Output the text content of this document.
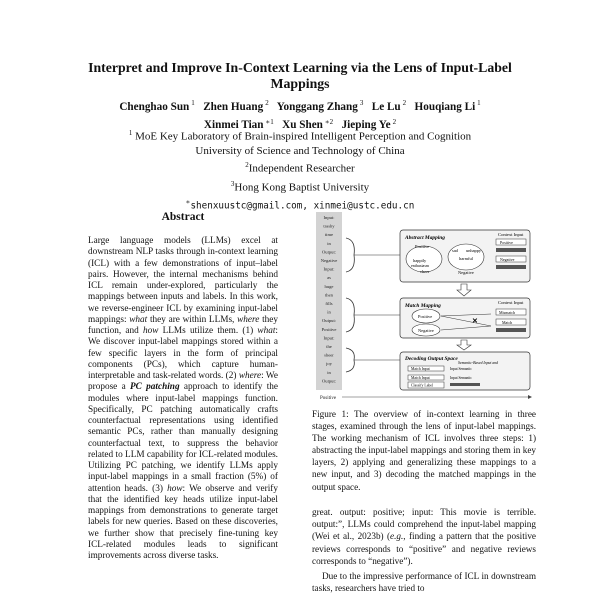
Interpret and Improve In-Context Learning via the Lens of Input-Label Mappings
Chenghao Sun $^1$ Zhen Huang $^2$ Yonggang Zhang $^3$ Le Lu $^2$ Houqiang Li $^1$
Xinmei Tian $^{∗1}$ Xu Shen $^{∗2}$ Jieping Ye $^2$
$^1$ MoE Key Laboratory of Brain-inspired Intelligent Perception and Cognition
University of Science and Technology of China
$^2$Independent Researcher
$^3$Hong Kong Baptist University
∗shenxuustc@gmail.com, xinmei@ustc.edu.cn
Abstract

Large language models (LLMs) excel at downstream NLP tasks through in-context learning (ICL) with a few demonstrations of input–label pairs. However, the internal mechanisms behind ICL remain under-explored, particularly the mappings between inputs and labels. In this work, we reverse-engineer ICL by examining input-label mappings: what they are within LLMs, where they function, and how LLMs utilize them. (1) what: We discover input-label mappings stored within a few specific layers in the form of principal components (PCs), which capture human-interpretable and task-related words. (2) where: We propose a PC patching approach to identify the modules where input-label mappings function. Specifically, PC patching automatically crafts counterfactual representations using identified semantic PCs, rather than manually designing counterfactual text, to suppress the behavior related to LLM capability for ICL-related modules. Utilizing PC patching, we identify LLMs apply input-label mappings in a small fraction (5%) of attention heads. (3) how: We observe and verify that the identified key heads utilize input-label mappings from demonstrations to generate target labels for new queries. Based on these discoveries, we further show that precisely fine-tuning key ICL-related modules leads to significant improvements across diverse tasks.

Input:
trashy
time
in
Output:
Negative
Input:
as
huge
then
fills
in
Output:
Positive
Input:
the
sheer
joy
in
Output:
Positive
Abstract Mapping
Context Input
Positive
sad unhappy
happily
enthusiasm
harmful
cheer	Negative
Positive
Negative
Match Mapping
Context Input
Positive
Negative
✕
Mismatch
Match
Decoding Output Space
Semantic-Based Input and
Match Input	Input Semantic
Match Input	Input Semantic
Classify Label
Figure 1: The overview of in-context learning in three stages, examined through the lens of input-label mappings. The working mechanism of ICL involves three steps: 1) abstracting the input-label mappings and storing them in key layers, 2) applying and generalizing these mappings to a new input, and 3) decoding the matched mappings in the output space.

great. output: positive; input: This movie is terrible. output:”, LLMs could comprehend the input-label mapping (Wei et al., 2023b) (e.g., finding a pattern that the positive reviews corresponds to “positive” and negative reviews corresponds to “negative”).

Due to the impressive performance of ICL in downstream tasks, researchers have tried to
